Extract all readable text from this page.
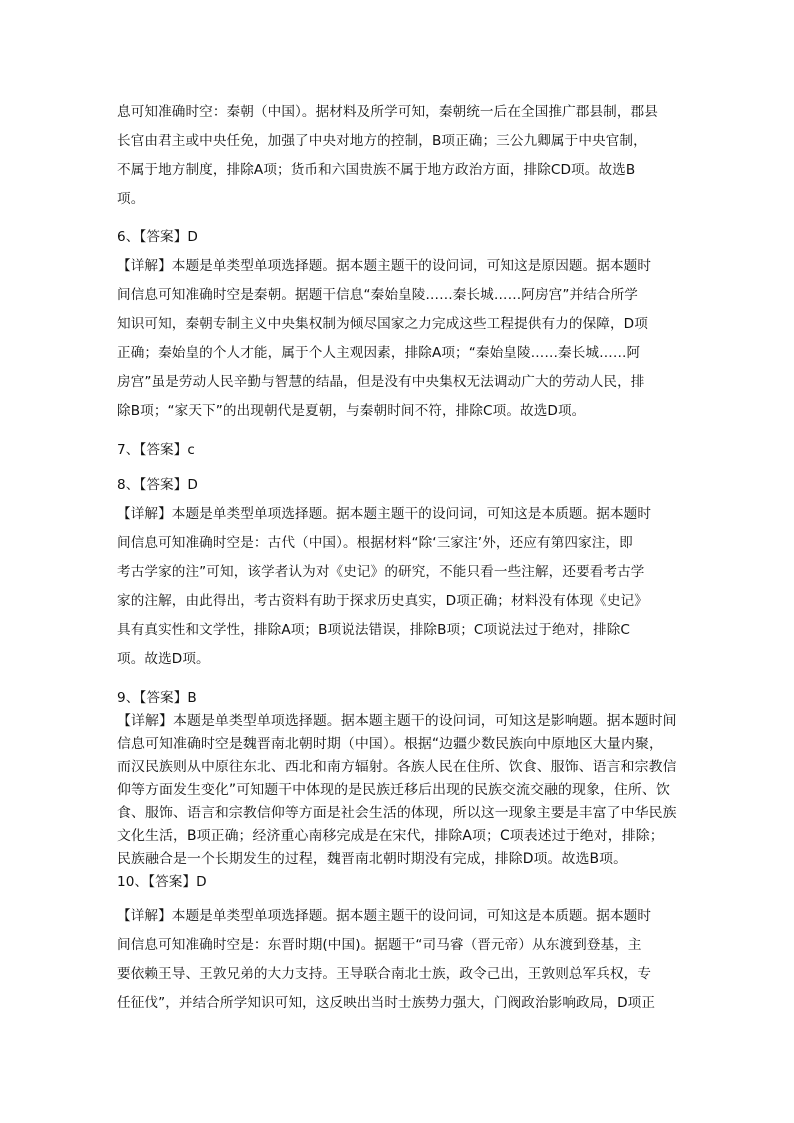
息可知准确时空：秦朝（中国）。据材料及所学可知，秦朝统一后在全国推广郡县制，郡县
长官由君主或中央任免，加强了中央对地方的控制，B项正确；三公九卿属于中央官制，
不属于地方制度，排除A项；货币和六国贵族不属于地方政治方面，排除CD项。故选B
项。
6、【答案】D
【详解】本题是单类型单项选择题。据本题主题干的设问词，可知这是原因题。据本题时
间信息可知准确时空是秦朝。据题干信息“秦始皇陵……秦长城……阿房宫”并结合所学
知识可知，秦朝专制主义中央集权制为倾尽国家之力完成这些工程提供有力的保障，D项
正确；秦始皇的个人才能，属于个人主观因素，排除A项；“秦始皇陵……秦长城……阿
房宫”虽是劳动人民辛勤与智慧的结晶，但是没有中央集权无法调动广大的劳动人民，排
除B项；“家天下”的出现朝代是夏朝，与秦朝时间不符，排除C项。故选D项。
7、【答案】c
8、【答案】D
【详解】本题是单类型单项选择题。据本题主题干的设问词，可知这是本质题。据本题时
间信息可知准确时空是：古代（中国）。根据材料“除‘三家注’外，还应有第四家注，即
考古学家的注”可知，该学者认为对《史记》的研究，不能只看一些注解，还要看考古学
家的注解，由此得出，考古资料有助于探求历史真实，D项正确；材料没有体现《史记》
具有真实性和文学性，排除A项；B项说法错误，排除B项；C项说法过于绝对，排除C
项。故选D项。
9、【答案】B
【详解】本题是单类型单项选择题。据本题主题干的设问词，可知这是影响题。据本题时间
信息可知准确时空是魏晋南北朝时期（中国）。根据“边疆少数民族向中原地区大量内聚，
而汉民族则从中原往东北、西北和南方辐射。各族人民在住所、饮食、服饰、语言和宗教信
仰等方面发生变化”可知题干中体现的是民族迁移后出现的民族交流交融的现象，住所、饮
食、服饰、语言和宗教信仰等方面是社会生活的体现，所以这一现象主要是丰富了中华民族
文化生活，B项正确；经济重心南移完成是在宋代，排除A项；C项表述过于绝对，排除；
民族融合是一个长期发生的过程，魏晋南北朝时期没有完成，排除D项。故选B项。
10、【答案】D
【详解】本题是单类型单项选择题。据本题主题干的设问词，可知这是本质题。据本题时
间信息可知准确时空是：东晋时期(中国)。据题干“司马睿（晋元帝）从东渡到登基，主
要依赖王导、王敦兄弟的大力支持。王导联合南北士族，政令己出，王敦则总军兵权，专
任征伐”，并结合所学知识可知，这反映出当时士族势力强大，门阀政治影响政局，D项正
